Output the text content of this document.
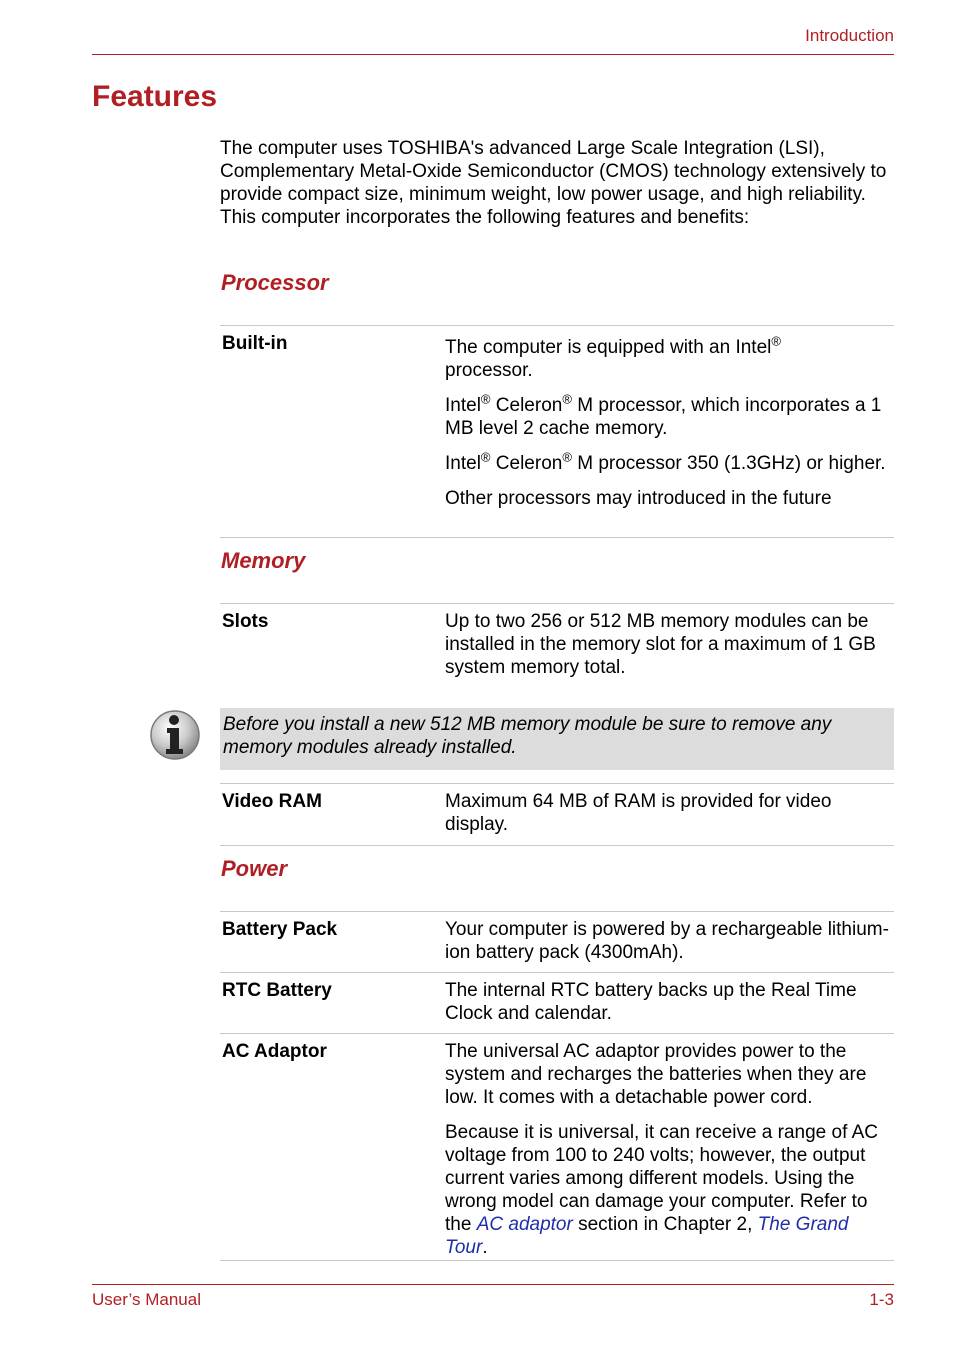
Introduction
Features
The computer uses TOSHIBA's advanced Large Scale Integration (LSI), Complementary Metal-Oxide Semiconductor (CMOS) technology extensively to provide compact size, minimum weight, low power usage, and high reliability. This computer incorporates the following features and benefits:
Processor
Built-in	The computer is equipped with an Intel®
processor.

Intel® Celeron® M processor, which incorporates a 1 MB level 2 cache memory.

Intel® Celeron® M processor 350 (1.3GHz) or higher.

Other processors may introduced in the future

Memory
Slots	Up to two 256 or 512 MB memory modules can be installed in the memory slot for a maximum of 1 GB system memory total.
Before you install a new 512 MB memory module be sure to remove any memory modules already installed.
Video RAM	Maximum 64 MB of RAM is provided for video display.
Power
Battery Pack	Your computer is powered by a rechargeable lithium-ion battery pack (4300mAh).
RTC Battery	The internal RTC battery backs up the Real Time Clock and calendar.
AC Adaptor	The universal AC adaptor provides power to the system and recharges the batteries when they are low. It comes with a detachable power cord.

Because it is universal, it can receive a range of AC voltage from 100 to 240 volts; however, the output current varies among different models. Using the wrong model can damage your computer. Refer to the AC adaptor section in Chapter 2, The Grand Tour.

User’s Manual	1-3
